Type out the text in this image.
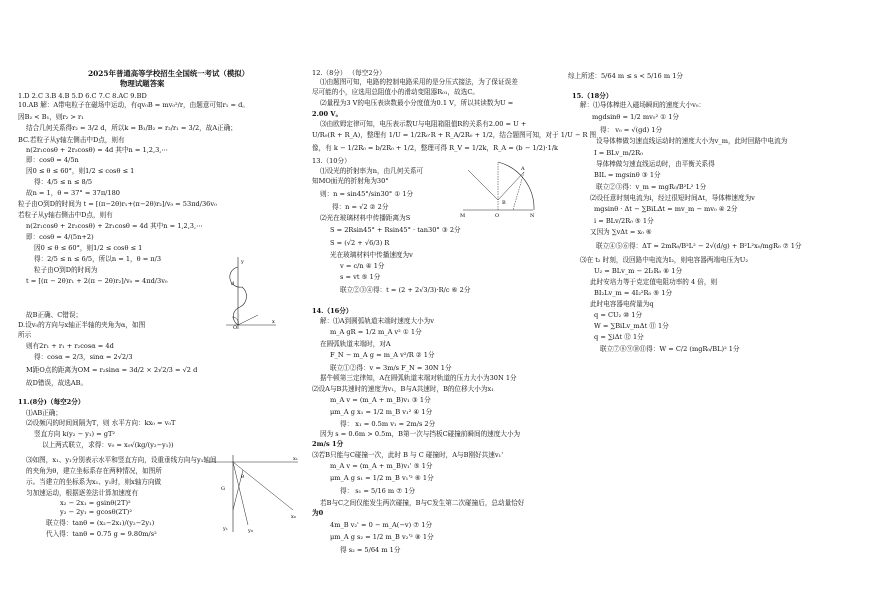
2025年普通高等学校招生全国统一考试（模拟）
物理试题答案
1.D 2.C 3.B 4.B 5.D 6.C 7.C 8.AC 9.BD
10.AB 解：A带电粒子在磁场中运动，有qv₀B = mv₀²/r，由题意可知r₁ = d。
因B₂ < B₁，则r₂ > r₁
结合几何关系得r₂ = 3/2 d，所以k = B₁/B₂ = r₂/r₁ = 3/2，故A正确；
BC.若粒子从y轴左侧击中D点，则有
n(2r₁cosθ + 2r₂cosθ) = 4d 其中n = 1,2,3,⋯
即：cosθ = 4/5n
因0 ≤ θ ≤ 60°，则1/2 ≤ cosθ ≤ 1
得：4/5 ≤ n ≤ 8/5
故n = 1，θ = 37° = 37π/180
粒子由O到D的时间为 t = [(π−2θ)r₁+(π−2θ)r₂]/v₀ = 53πd/36v₀
若粒子从y轴右侧击中D点，则有
n(2r₁cosθ + 2r₂cosθ) + 2r₁cosθ = 4d 其中n = 1,2,3,⋯
即：cosθ = 4/(5n+2)
因0 ≤ θ ≤ 60°，则1/2 ≤ cosθ ≤ 1
得：2/5 ≤ n ≤ 6/5，所以n = 1，θ = π/3
粒子由O到D的时间为
t = [(π − 2θ)r₁ + 2(π − 2θ)r₂]/v₀ = 4πd/3v₀
故B正确、C错误；
D.设v₀的方向与x轴正半轴的夹角为α，如图
所示
则有2r₁ + r₁ + r₂cosα = 4d
得：cosα = 2/3，sinα = 2√2/3
M距O点的距离为OM = r₂sinα = 3d/2 × 2√2/3 = √2 d
故D错误，故选AB。
11.(8分)（每空2分）
⑴AB正确；
⑵设频闪的时间间隔为T，则 水平方向：kx₀ = v₀T
竖直方向 k(y₂ − y₁) = gT²
以上两式联立，求得：v₀ = x₀√(kg/(y₂−y₁))
⑶如图，x₁、y₁分别表示水平和竖直方向，设重垂线方向与y₁轴间
的夹角为θ，建立坐标系存在两种情况，如图所
示。当建立的坐标系为x₁、y₁时，则x轴方向做
匀加速运动，根据逐差法计算加速度有
x₂ − 2x₁ = gsinθ(2T)²
y₂ − 2y₁ = gcosθ(2T)²
联立得：tanθ = (x₂−2x₁)/(y₂−2y₁)
代入得：tanθ = 0.75 g = 9.80m/s²
12.（8分） （每空2分）
⑴由题图可知，电路的控制电路采用的是分压式接法，为了保证误差
尽可能的小，应选用总阻值小的滑动变阻器R₀₁，故选C。
⑵量程为3 V的电压表读数最小分度值为0.1 V，所以其读数为U =
2.00 V。
⑶由欧姆定律可知，电压表示数U与电阻箱阻值R的关系有2.00 = U +
U/R₀(R + R_A)，整理有 1/U = 1/2R₀·R + R_A/2R₀ + 1/2，结合题图可知，对于 1/U − R 图
像，有 k − 1/2R₀ = b/2R₀ + 1/2，整理可得 R_V = 1/2k，R_A = (b − 1/2)·1/k
13.（10分）
⑴设光的折射率为n，由几何关系可
知MO面光的折射角为30°
则：n = sin45°/sin30° ① 1分
得：n = √2 ② 2分
⑵光在玻璃材料中传播距离为S
S = 2Rsin45° + Rsin45° · tan30° ③ 2分
S = (√2 + √6/3) R
光在玻璃材料中传播速度为v
v = c/n ④ 1分
s = vt ⑤ 1分
联立②③④得：t = (2 + 2√3/3)·R/c ⑥ 2分
14.（16分）
解：⑴A到圆弧轨道末端时速度大小为v
m_A gR = 1/2 m_A v² ① 1分
在圆弧轨道末端时，对A
F_N − m_A g = m_A v²/R ② 1分
联立①②得：v = 3m/s F_N = 30N 1分
据牛顿第三定律知，A在圆弧轨道末端对轨道的压力大小为30N 1分
⑵设A与B共速时的速度为v₁，B与A共速时，B的位移大小为x₁
m_A v = (m_A + m_B)v₁ ③ 1分
μm_A g x₁ = 1/2 m_B v₁² ④ 1分
得： x₁ = 0.5m v₁ = 2m/s 2分
因为 s = 0.6m > 0.5m，B第一次与挡板C碰撞前瞬间的速度大小为
2m/s 1分
⑶若B只能与C碰撞一次，此时 B 与 C 碰撞时，A与B刚好共速v₁'
m_A v = (m_A + m_B)v₁' ⑤ 1分
μm_A g s₁ = 1/2 m_B v₁'² ⑥ 1分
得： s₁ = 5/16 m ⑦ 1分
若B与C之间仅能发生两次碰撞，B与C发生第二次碰撞后，总动量恰好
为0
4m_B v₂' = 0 − m_A(−v) ⑦ 1分
μm_A g s₂ = 1/2 m_B v₂'² ⑧ 1分
得 s₂ = 5/64 m 1分
综上所述：5/64 m ≤ s < 5/16 m 1分
15.（18分）
解：⑴导体棒进入磁场瞬间的速度大小v₀：
mgdsinθ = 1/2 mv₀² ① 1分
得： v₀ = √(gd) 1分
设导体棒做匀速直线运动时的速度大小为v_m，此时回路中电流为
I = BLv_m/2R₀
导体棒做匀速直线运动时，由平衡关系得
BIL = mgsinθ ③ 1分
联立②③得：v_m = mgR₀/B²L² 1分
⑵设任意时刻电流为i，经过很短时间Δt，导体棒速度为v
mgsinθ · Δt − ∑BiLΔt = mv_m − mv₀ ④ 2分
i = BLv/2R₀ ⑤ 1分
又因为 ∑vΔt = x₀ ⑥
联立④⑤⑥得：ΔT = 2mR₀/B²L² − 2√(d/g) + B²L²x₀/mgR₀ ⑦ 1分
⑶在 t₂ 时刻，设回路中电流为I₂，则电容器两端电压为U₂
U₂ = BLv_m − 2I₂R₀ ⑧ 1分
此时安培力等于克定值电阻功率的 4 倍，则
BI₂Lv_m = 4I₂²R₀ ⑨ 1分
此时电容器电荷量为q
q = CU₂ ⑩ 1分
W = ∑BiLv_mΔt ⑪ 1分
q = ∑iΔt ⑫ 1分
联立⑦⑧⑨⑩⑪得：W = C/2 (mgR₀/BL)² 1分
y
d
O
x
M	O	N
A
B
G
θ
x₀
y₀
x₁
y₁
